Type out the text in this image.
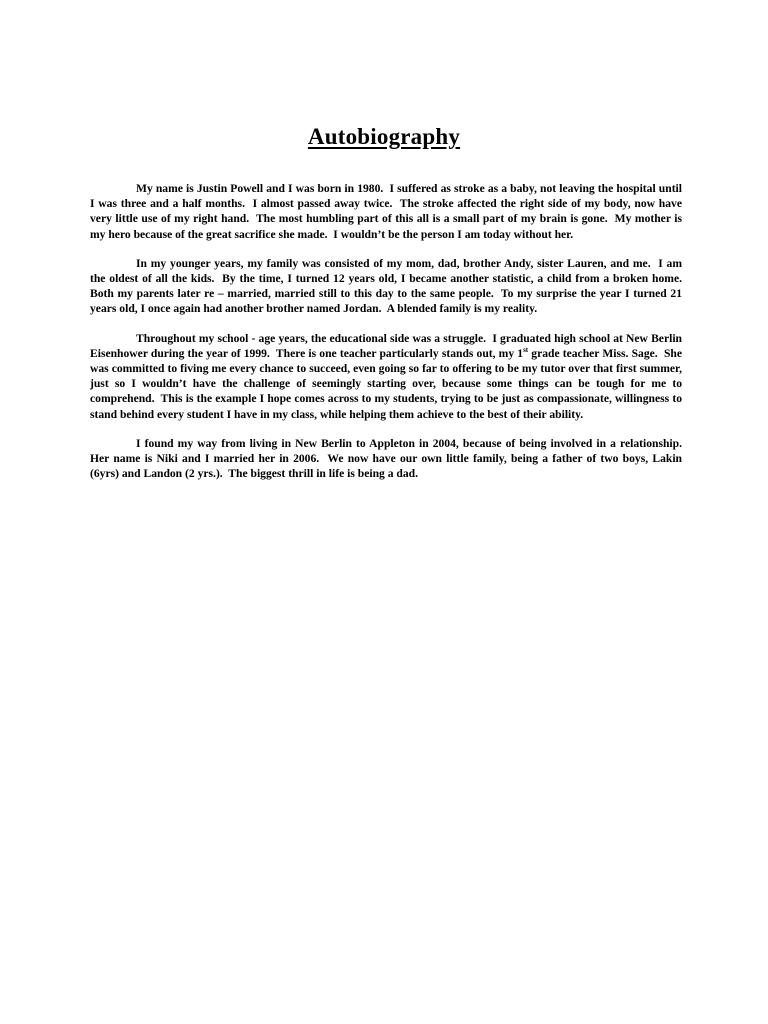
Autobiography

My name is Justin Powell and I was born in 1980.  I suffered as stroke as a baby, not leaving the hospital until I was three and a half months.  I almost passed away twice.  The stroke affected the right side of my body, now have very little use of my right hand.  The most humbling part of this all is a small part of my brain is gone.  My mother is my hero because of the great sacrifice she made.  I wouldn’t be the person I am today without her.

In my younger years, my family was consisted of my mom, dad, brother Andy, sister Lauren, and me.  I am the oldest of all the kids.  By the time, I turned 12 years old, I became another statistic, a child from a broken home.  Both my parents later re – married, married still to this day to the same people.  To my surprise the year I turned 21 years old, I once again had another brother named Jordan.  A blended family is my reality.

Throughout my school - age years, the educational side was a struggle.  I graduated high school at New Berlin Eisenhower during the year of 1999.  There is one teacher particularly stands out, my 1st grade teacher Miss. Sage.  She was committed to fiving me every chance to succeed, even going so far to offering to be my tutor over that first summer, just so I wouldn’t have the challenge of seemingly starting over, because some things can be tough for me to comprehend.  This is the example I hope comes across to my students, trying to be just as compassionate, willingness to stand behind every student I have in my class, while helping them achieve to the best of their ability.

I found my way from living in New Berlin to Appleton in 2004, because of being involved in a relationship.  Her name is Niki and I married her in 2006.  We now have our own little family, being a father of two boys, Lakin (6yrs) and Landon (2 yrs.).  The biggest thrill in life is being a dad.
